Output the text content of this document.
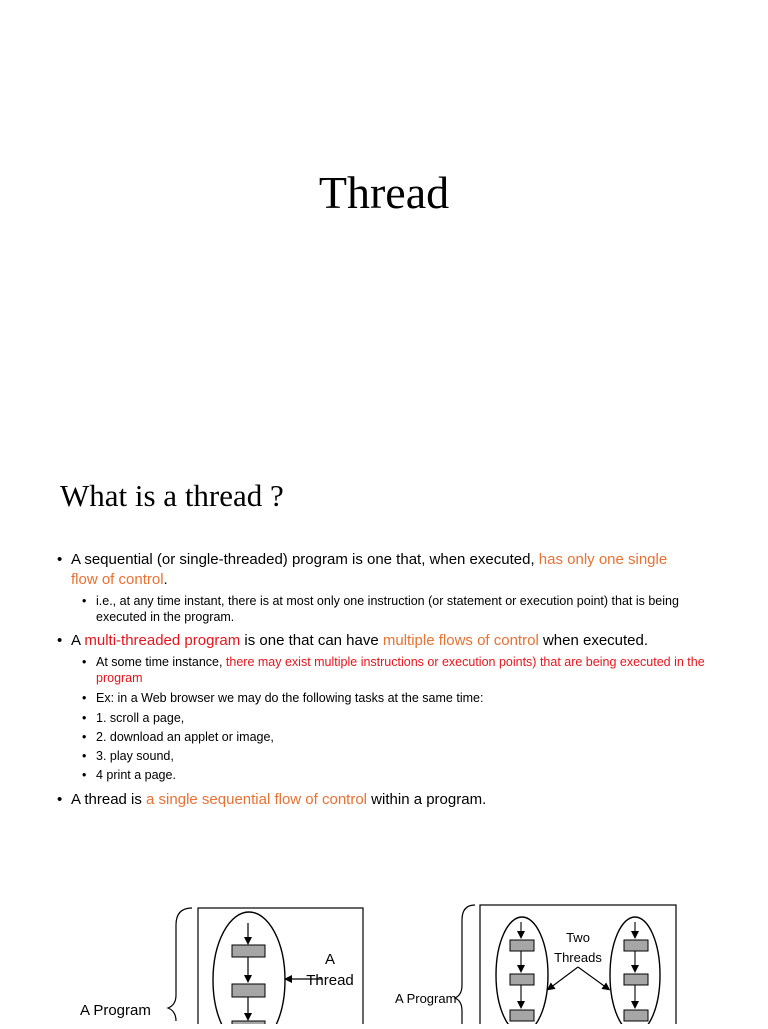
Thread
What is a thread ?
• A sequential (or single-threaded) program is one that, when executed, has only one single flow of control.
• i.e., at any time instant, there is at most only one instruction (or statement or execution point) that is being executed in the program.
• A multi-threaded program is one that can have multiple flows of control when executed.
• At some time instance, there may exist multiple instructions or execution points) that are being executed in the program
• Ex: in a Web browser we may do the following tasks at the same time:
• 1. scroll a page,
• 2. download an applet or image,
• 3. play sound,
• 4 print a page.
• A thread is a single sequential flow of control within a program.
A
Thread
A Program
Two
Threads
A Program
